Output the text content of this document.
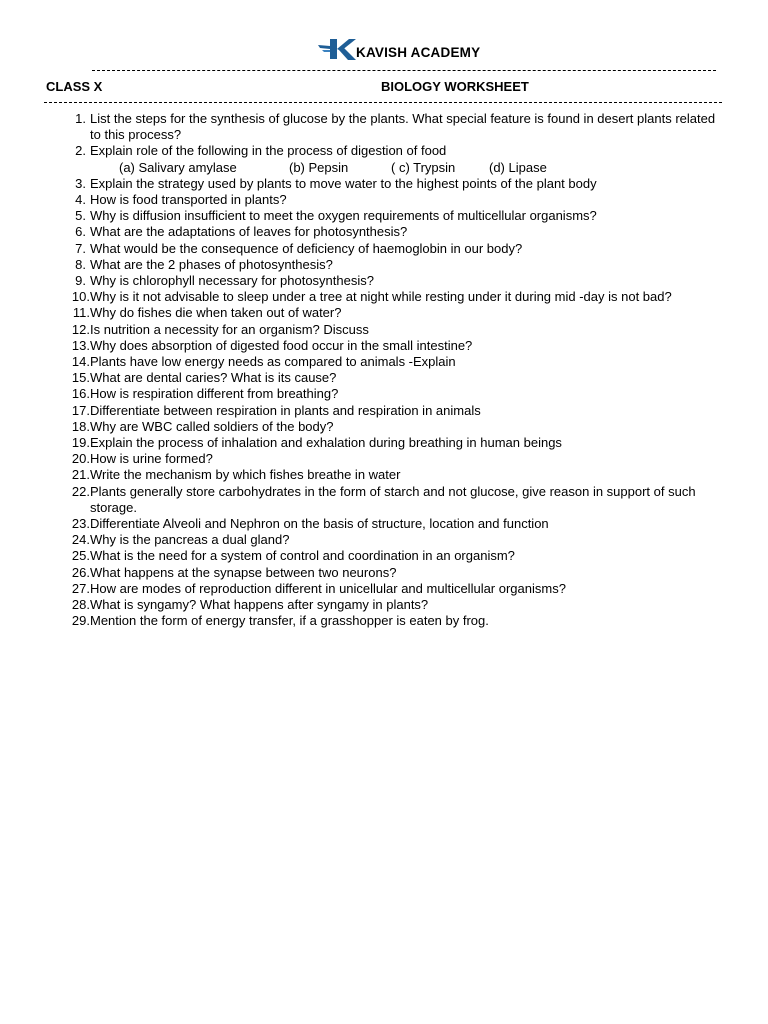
KAVISH ACADEMY
CLASS X	BIOLOGY WORKSHEET
1. List the steps for the synthesis of glucose by the plants. What special feature is found in desert plants related to this process?
2. Explain role of the following in the process of digestion of food
(a) Salivary amylase	(b) Pepsin	( c) Trypsin	(d) Lipase
3. Explain the strategy used by plants to move water to the highest points of the plant body
4. How is food transported in plants?
5. Why is diffusion insufficient to meet the oxygen requirements of multicellular organisms?
6. What are the adaptations of leaves for photosynthesis?
7. What would be the consequence of deficiency of haemoglobin in our body?
8. What are the 2 phases of photosynthesis?
9. Why is chlorophyll necessary for photosynthesis?
10. Why is it not advisable to sleep under a tree at night while resting under it during mid -day is not bad?
11. Why do fishes die when taken out of water?
12. Is nutrition a necessity for an organism? Discuss
13. Why does absorption of digested food occur in the small intestine?
14. Plants have low energy needs as compared to animals -Explain
15. What are dental caries? What is its cause?
16. How is respiration different from breathing?
17. Differentiate between respiration in plants and respiration in animals
18. Why are WBC called soldiers of the body?
19. Explain the process of inhalation and exhalation during breathing in human beings
20. How is urine formed?
21. Write the mechanism by which fishes breathe in water
22. Plants generally store carbohydrates in the form of starch and not glucose, give reason in support of such storage.
23. Differentiate Alveoli and Nephron on the basis of structure, location and function
24. Why is the pancreas a dual gland?
25. What is the need for a system of control and coordination in an organism?
26. What happens at the synapse between two neurons?
27. How are modes of reproduction different in unicellular and multicellular organisms?
28. What is syngamy? What happens after syngamy in plants?
29. Mention the form of energy transfer, if a grasshopper is eaten by frog.
